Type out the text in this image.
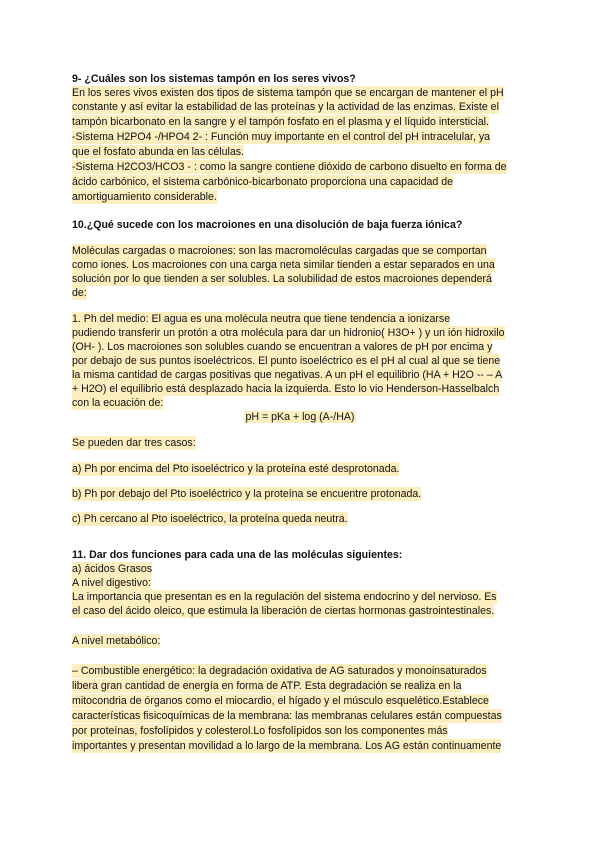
9- ¿Cuáles son los sistemas tampón en los seres vivos?
En los seres vivos existen dos tipos de sistema tampón que se encargan de mantener el pH
constante y así evitar la estabilidad de las proteínas y la actividad de las enzimas. Existe el
tampón bicarbonato en la sangre y el tampón fosfato en el plasma y el líquido intersticial.
-Sistema H2PO4 -/HPO4 2- : Función muy importante en el control del pH intracelular, ya
que el fosfato abunda en las células.
-Sistema H2CO3/HCO3 - : como la sangre contiene dióxido de carbono disuelto en forma de
ácido carbónico, el sistema carbónico-bicarbonato proporciona una capacidad de
amortiguamiento considerable.
10.¿Qué sucede con los macroiones en una disolución de baja fuerza iónica?
Moléculas cargadas o macroiones: son las macromoléculas cargadas que se comportan
como iones. Los macroiones con una carga neta similar tienden a estar separados en una
solución por lo que tienden a ser solubles. La solubilidad de estos macroiones dependerá
de:
1. Ph del medio: El agua es una molécula neutra que tiene tendencia a ionizarse
pudiendo transferir un protón a otra molécula para dar un hidronio( H3O+ ) y un ión hidroxilo
(OH- ). Los macroiones son solubles cuando se encuentran a valores de pH por encima y
por debajo de sus puntos isoeléctricos. El punto isoeléctrico es el pH al cual al que se tiene
la misma cantidad de cargas positivas que negativas. A un pH el equilibrio (HA + H2O -- – A
+ H2O) el equilibrio está desplazado hacia la izquierda. Esto lo vio Henderson-Hasselbalch
con la ecuación de:
pH = pKa + log (A-/HA)
Se pueden dar tres casos:
a) Ph por encima del Pto isoeléctrico y la proteína esté desprotonada.
b) Ph por debajo del Pto isoeléctrico y la proteína se encuentre protonada.
c) Ph cercano al Pto isoeléctrico, la proteína queda neutra.
11. Dar dos funciones para cada una de las moléculas siguientes:
a) ácidos Grasos
A nivel digestivo:
La importancia que presentan es en la regulación del sistema endocrino y del nervioso. Es
el caso del ácido oleico, que estimula la liberación de ciertas hormonas gastrointestinales.
A nivel metabólico:
– Combustible energético: la degradación oxidativa de AG saturados y monoinsaturados
libera gran cantidad de energía en forma de ATP. Esta degradación se realiza en la
mitocondria de órganos como el miocardio, el hígado y el músculo esquelético.Establece
características fisicoquímicas de la membrana: las membranas celulares están compuestas
por proteínas, fosfolípidos y colesterol.Lo fosfolípidos son los componentes más
importantes y presentan movilidad a lo largo de la membrana. Los AG están continuamente
